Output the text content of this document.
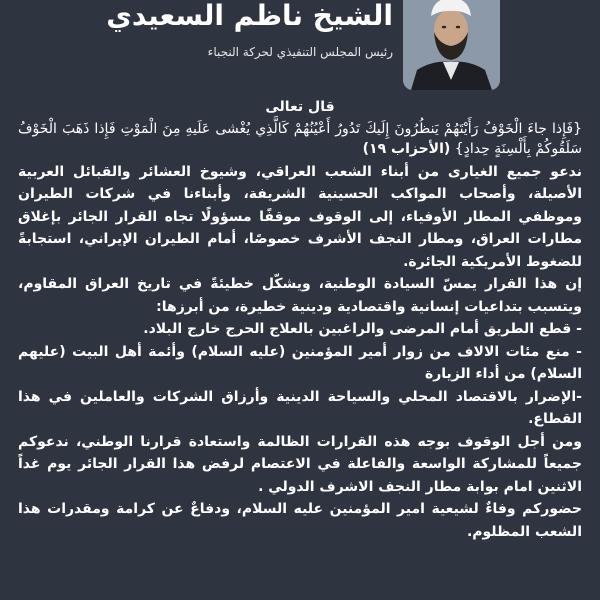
الشيخ ناظم السعيدي
رئيس المجلس التنفيذي لحركة النجباء

قال تعالى

{فَإِذا جاءَ الْخَوْفُ رَأَيْتَهُمْ يَنظُرُونَ إِلَيكَ تَدُورُ أَعْيُنُهُمْ كَالَّذِي يُغْشى عَلَيهِ مِنَ الْمَوْتِ فَإِذا ذَهَبَ الْخَوْفُ سَلَقُوكُمْ بِأَلْسِنَةٍ حِدادٍ} (الأحزاب ١٩)

ندعو جميع الغيارى من أبناء الشعب العراقي، وشيوخ العشائر والقبائل العربية الأصيلة، وأصحاب المواكب الحسينية الشريفة، وأبناءنا في شركات الطيران وموظفي المطار الأوفياء، إلى الوقوف موقفًا مسؤولًا تجاه القرار الجائر بإغلاق مطارات العراق، ومطار النجف الأشرف خصوصًا، أمام الطيران الإيراني، استجابةً للضغوط الأمريكية الجائرة.

إن هذا القرار يمسّ السيادة الوطنية، ويشكّل خطيئةً في تاريخ العراق المقاوم، ويتسبب بتداعيات إنسانية واقتصادية ودينية خطيرة، من أبرزها:

- قطع الطريق أمام المرضى والراغبين بالعلاج الحرج خارج البلاد.

- منع مئات الالاف من زوار أمير المؤمنين (عليه السلام) وأئمة أهل البيت (عليهم السلام) من أداء الزيارة

-الإضرار بالاقتصاد المحلي والسياحة الدينية وأرزاق الشركات والعاملين في هذا القطاع.

ومن أجل الوقوف بوجه هذه القرارات الظالمة واستعادة قرارنا الوطني، ندعوكم جميعاً للمشاركة الواسعة والفاعلة في الاعتصام لرفض هذا القرار الجائر يوم غداً الاثنين امام بوابة مطار النجف الاشرف الدولي .

حضوركم وفاءٌ لشيعية امير المؤمنين عليه السلام، ودفاعٌ عن كرامة ومقدرات هذا الشعب المظلوم.
